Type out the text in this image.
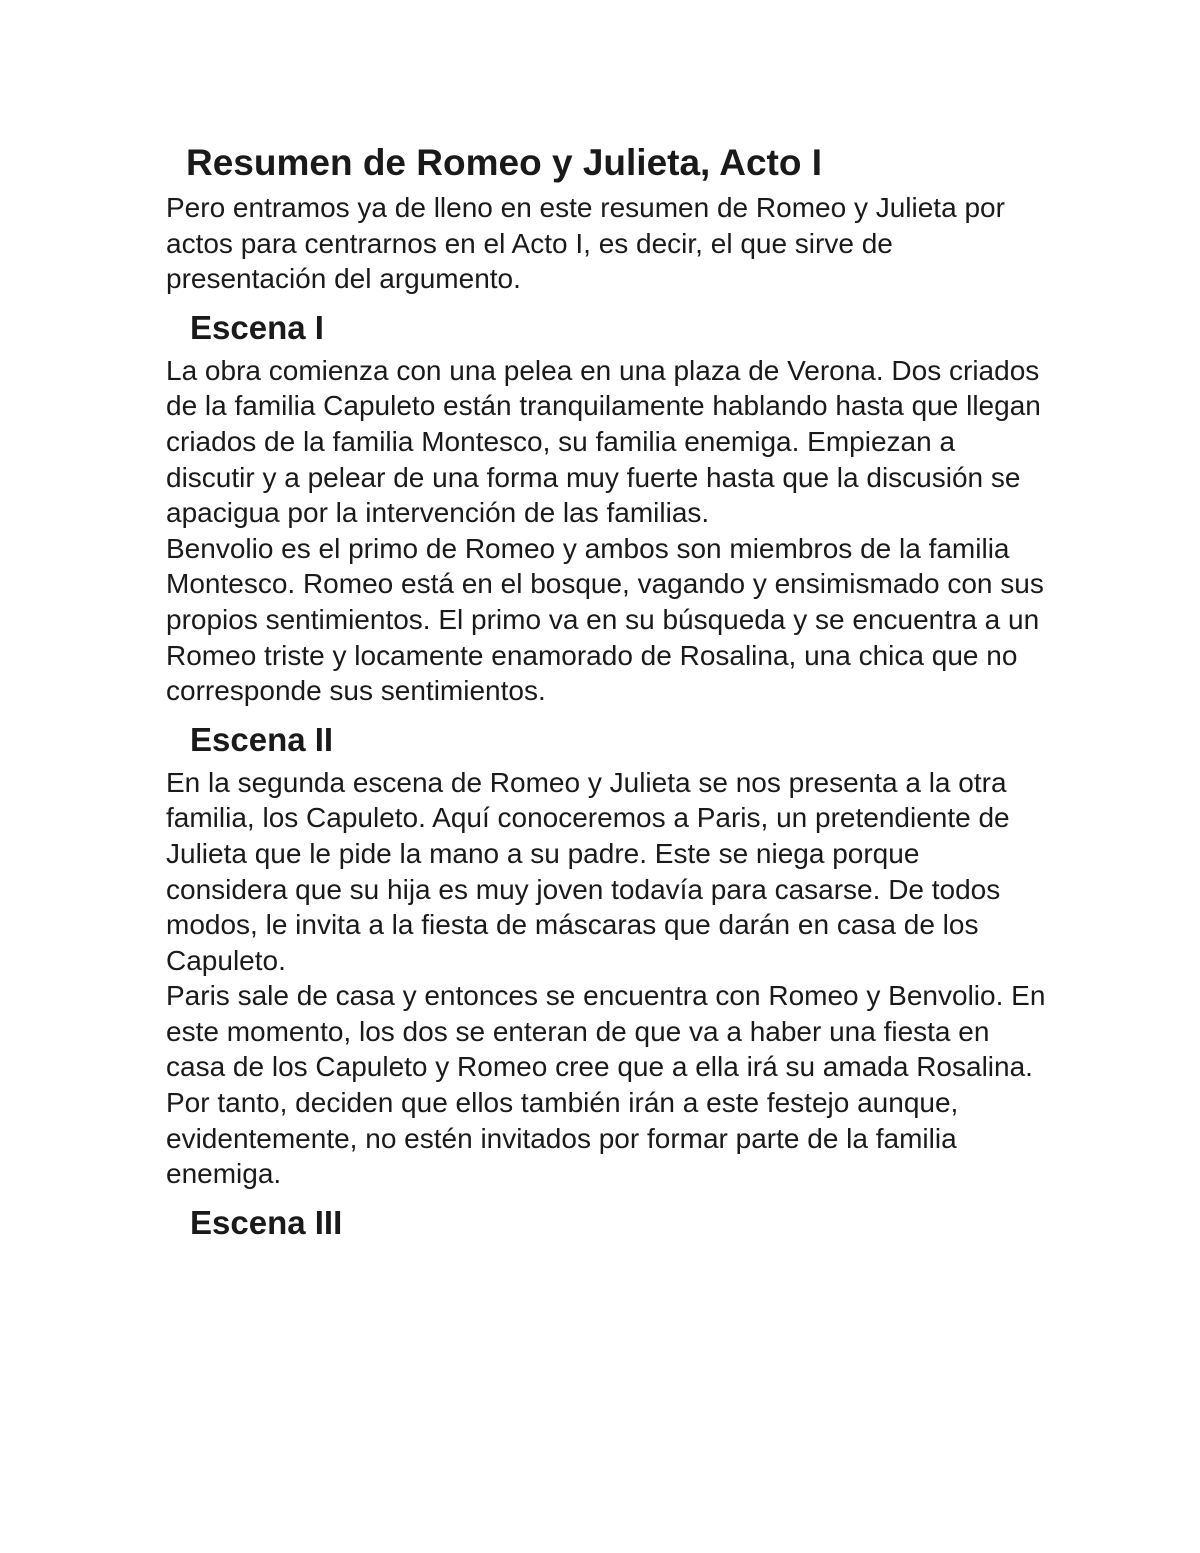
Resumen de Romeo y Julieta, Acto I

Pero entramos ya de lleno en este resumen de Romeo y Julieta por actos para centrarnos en el Acto I, es decir, el que sirve de presentación del argumento.

Escena I

La obra comienza con una pelea en una plaza de Verona. Dos criados de la familia Capuleto están tranquilamente hablando hasta que llegan criados de la familia Montesco, su familia enemiga. Empiezan a discutir y a pelear de una forma muy fuerte hasta que la discusión se apacigua por la intervención de las familias.

Benvolio es el primo de Romeo y ambos son miembros de la familia Montesco. Romeo está en el bosque, vagando y ensimismado con sus propios sentimientos. El primo va en su búsqueda y se encuentra a un Romeo triste y locamente enamorado de Rosalina, una chica que no corresponde sus sentimientos.

Escena II

En la segunda escena de Romeo y Julieta se nos presenta a la otra familia, los Capuleto. Aquí conoceremos a Paris, un pretendiente de Julieta que le pide la mano a su padre. Este se niega porque considera que su hija es muy joven todavía para casarse. De todos modos, le invita a la fiesta de máscaras que darán en casa de los Capuleto.

Paris sale de casa y entonces se encuentra con Romeo y Benvolio. En este momento, los dos se enteran de que va a haber una fiesta en casa de los Capuleto y Romeo cree que a ella irá su amada Rosalina. Por tanto, deciden que ellos también irán a este festejo aunque, evidentemente, no estén invitados por formar parte de la familia enemiga.

Escena III
